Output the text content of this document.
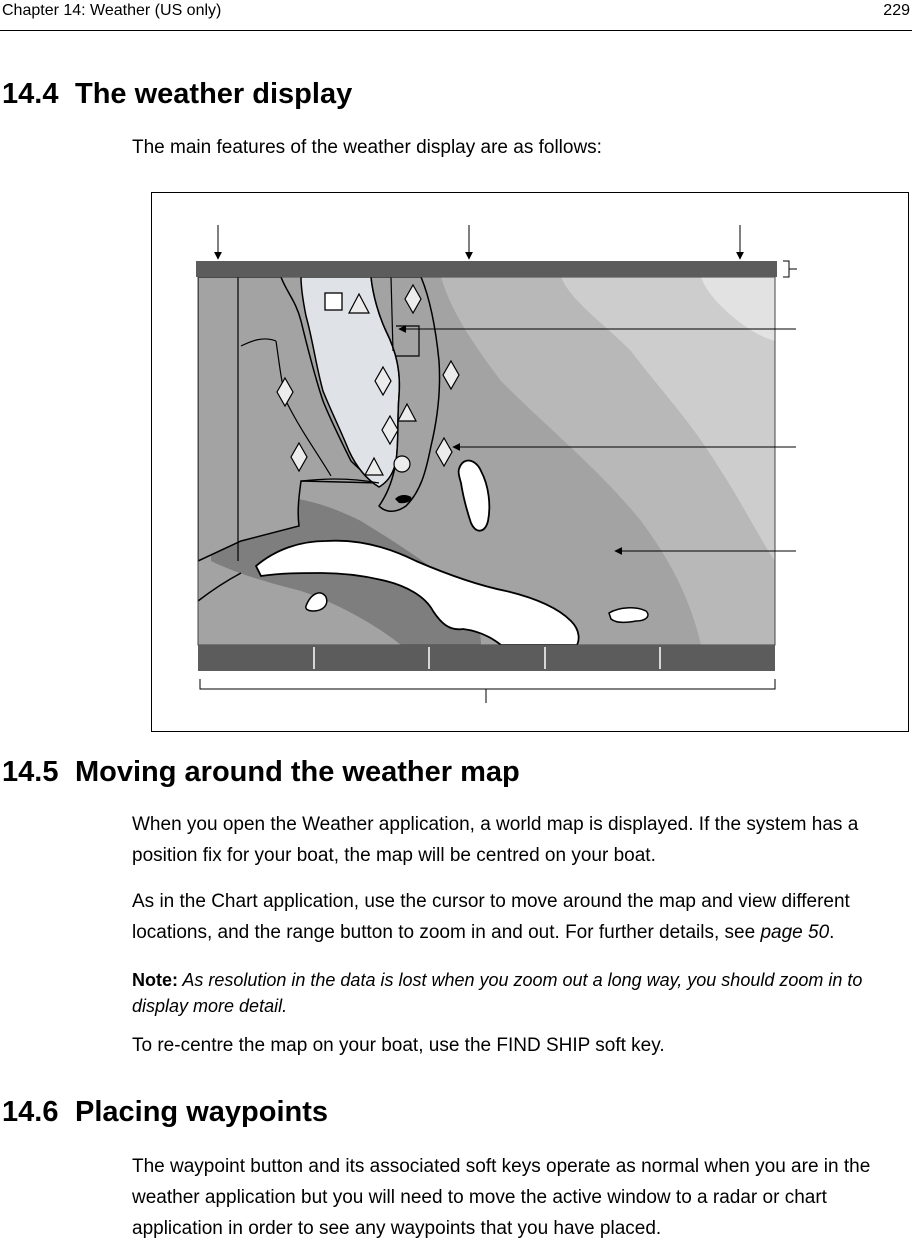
Chapter 14: Weather (US only)	229
14.4 The weather display

The main features of the weather display are as follows:

14.5 Moving around the weather map

When you open the Weather application, a world map is displayed. If the system has a position fix for your boat, the map will be centred on your boat.

As in the Chart application, use the cursor to move around the map and view different locations, and the range button to zoom in and out. For further details, see page 50.

Note: As resolution in the data is lost when you zoom out a long way, you should zoom in to display more detail.

To re-centre the map on your boat, use the FIND SHIP soft key.

14.6 Placing waypoints

The waypoint button and its associated soft keys operate as normal when you are in the weather application but you will need to move the active window to a radar or chart application in order to see any waypoints that you have placed.
